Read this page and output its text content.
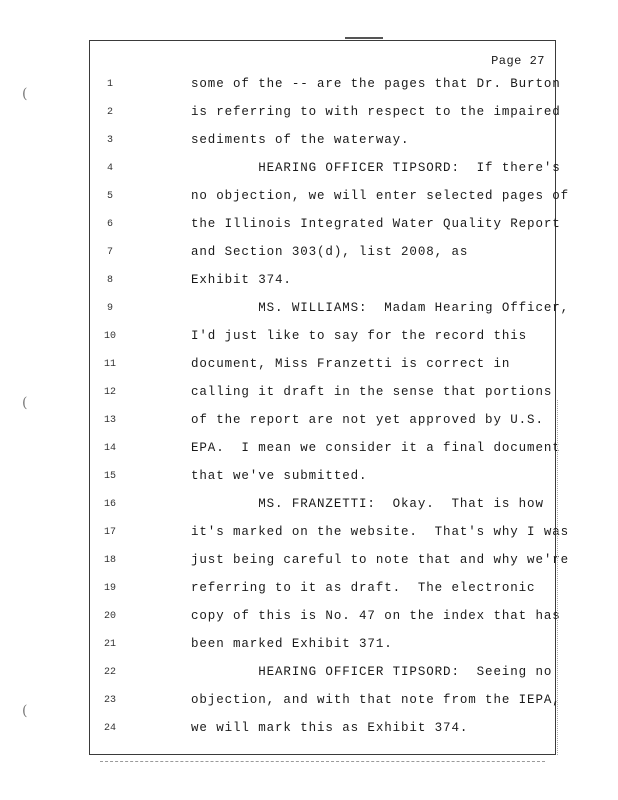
(
(
(
Page 27
1	some of the -- are the pages that Dr. Burton
2	is referring to with respect to the impaired
3	sediments of the waterway.
4	HEARING OFFICER TIPSORD:  If there's
5	no objection, we will enter selected pages of
6	the Illinois Integrated Water Quality Report
7	and Section 303(d), list 2008, as
8	Exhibit 374.
9	MS. WILLIAMS:  Madam Hearing Officer,
10	I'd just like to say for the record this
11	document, Miss Franzetti is correct in
12	calling it draft in the sense that portions
13	of the report are not yet approved by U.S.
14	EPA.  I mean we consider it a final document
15	that we've submitted.
16	MS. FRANZETTI:  Okay.  That is how
17	it's marked on the website.  That's why I was
18	just being careful to note that and why we're
19	referring to it as draft.  The electronic
20	copy of this is No. 47 on the index that has
21	been marked Exhibit 371.
22	HEARING OFFICER TIPSORD:  Seeing no
23	objection, and with that note from the IEPA,
24	we will mark this as Exhibit 374.
